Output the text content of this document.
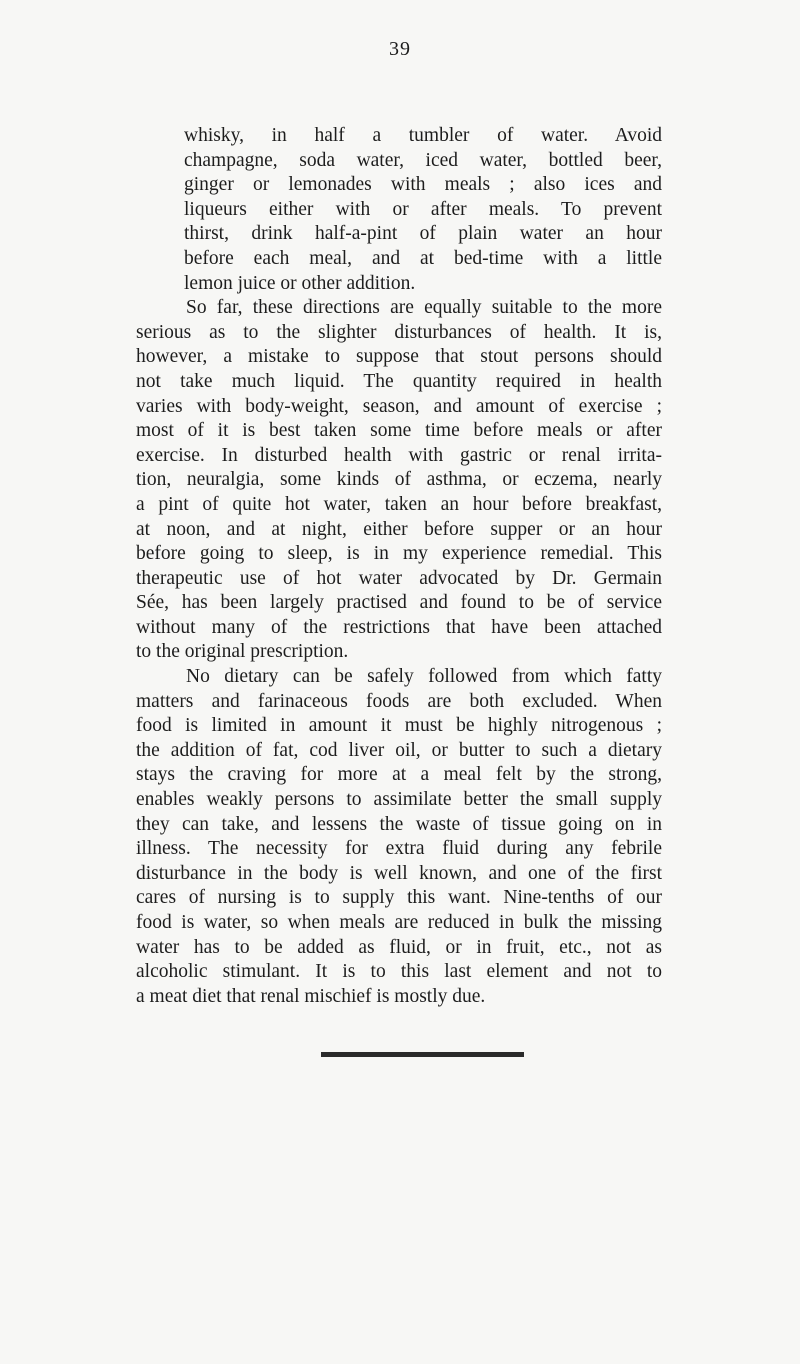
39
whisky, in half a tumbler of water. Avoid
champagne, soda water, iced water, bottled beer,
ginger or lemonades with meals ; also ices and
liqueurs either with or after meals. To prevent
thirst, drink half-a-pint of plain water an hour
before each meal, and at bed-time with a little
lemon juice or other addition.
So far, these directions are equally suitable to the more
serious as to the slighter disturbances of health. It is,
however, a mistake to suppose that stout persons should
not take much liquid. The quantity required in health
varies with body-weight, season, and amount of exercise ;
most of it is best taken some time before meals or after
exercise. In disturbed health with gastric or renal irrita-
tion, neuralgia, some kinds of asthma, or eczema, nearly
a pint of quite hot water, taken an hour before breakfast,
at noon, and at night, either before supper or an hour
before going to sleep, is in my experience remedial. This
therapeutic use of hot water advocated by Dr. Germain
Sée, has been largely practised and found to be of service
without many of the restrictions that have been attached
to the original prescription.
No dietary can be safely followed from which fatty
matters and farinaceous foods are both excluded. When
food is limited in amount it must be highly nitrogenous ;
the addition of fat, cod liver oil, or butter to such a dietary
stays the craving for more at a meal felt by the strong,
enables weakly persons to assimilate better the small supply
they can take, and lessens the waste of tissue going on in
illness. The necessity for extra fluid during any febrile
disturbance in the body is well known, and one of the first
cares of nursing is to supply this want. Nine-tenths of our
food is water, so when meals are reduced in bulk the missing
water has to be added as fluid, or in fruit, etc., not as
alcoholic stimulant. It is to this last element and not to
a meat diet that renal mischief is mostly due.
